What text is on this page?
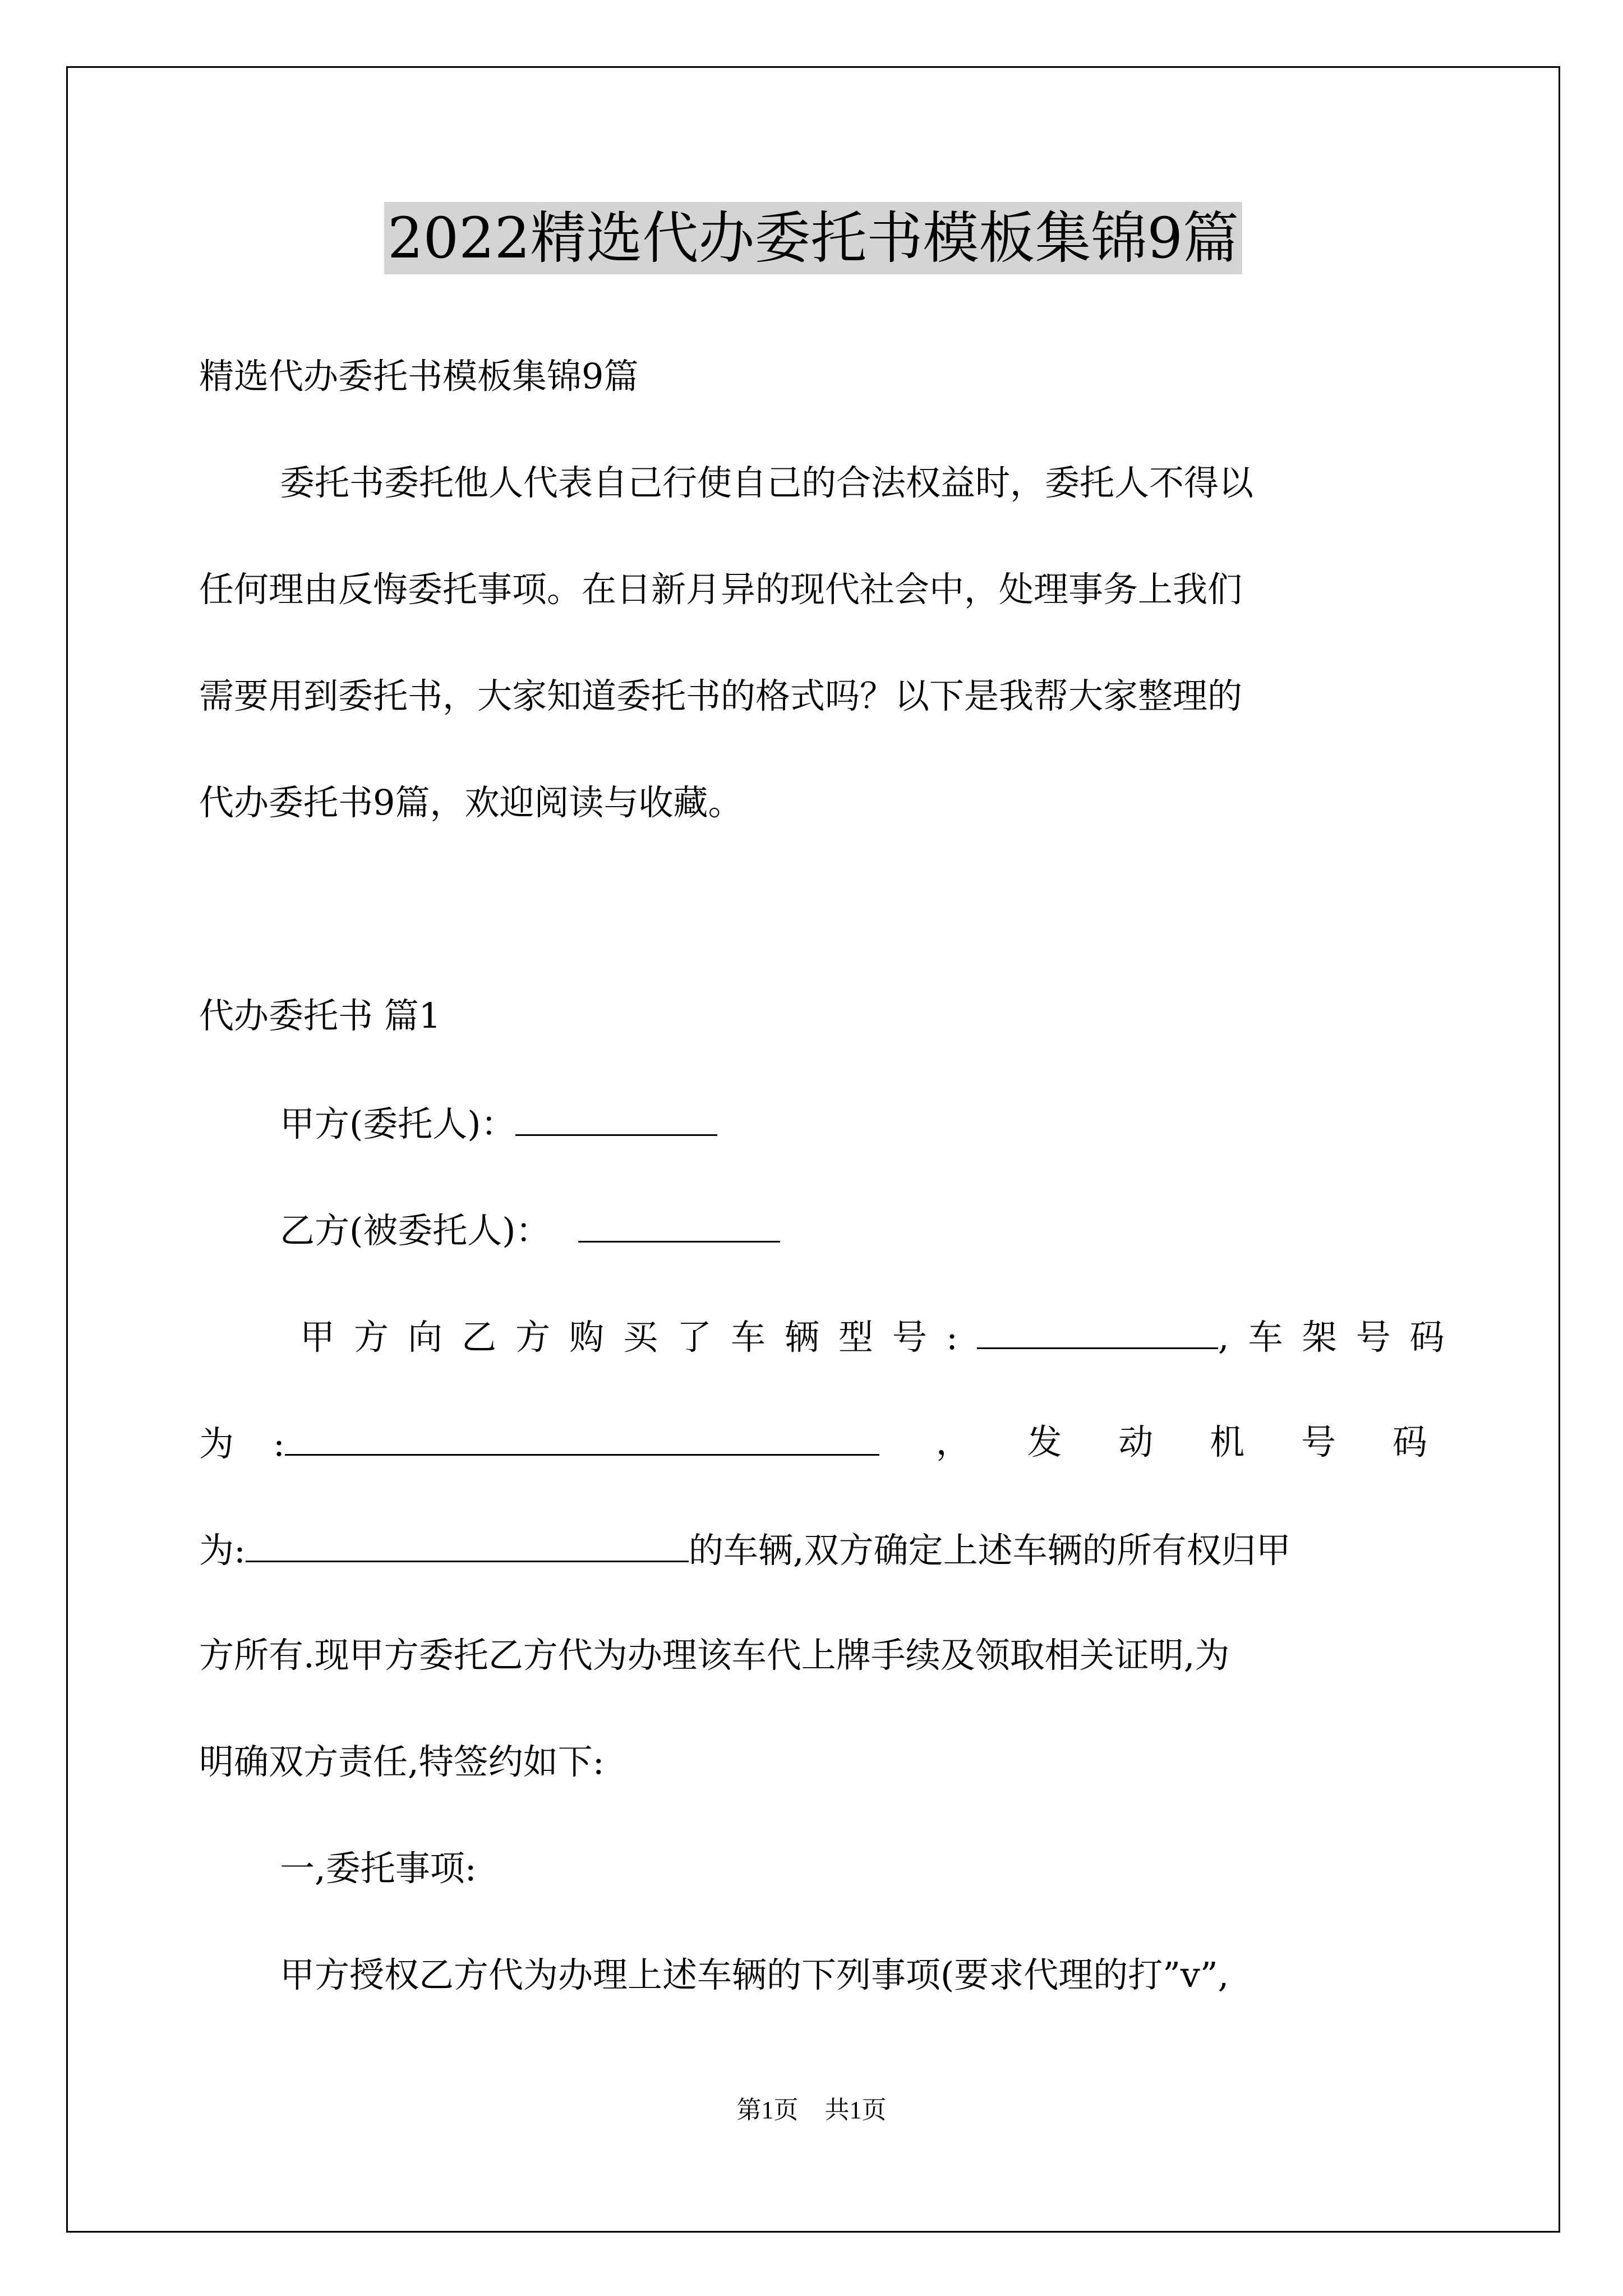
2022精选代办委托书模板集锦9篇
精选代办委托书模板集锦9篇
委托书委托他人代表自己行使自己的合法权益时，委托人不得以
任何理由反悔委托事项。在日新月异的现代社会中，处理事务上我们
需要用到委托书，大家知道委托书的格式吗？以下是我帮大家整理的
代办委托书9篇，欢迎阅读与收藏。
代办委托书 篇1
甲方(委托人)：
乙方(被委托人)：
甲方向乙方购买了车辆型号:	,车架号码
为 :	， 发 动 机 号 码
为:	的车辆,双方确定上述车辆的所有权归甲
方所有.现甲方委托乙方代为办理该车代上牌手续及领取相关证明,为
明确双方责任,特签约如下:
一,委托事项:
甲方授权乙方代为办理上述车辆的下列事项(要求代理的打”v”,
第1页 共1页
